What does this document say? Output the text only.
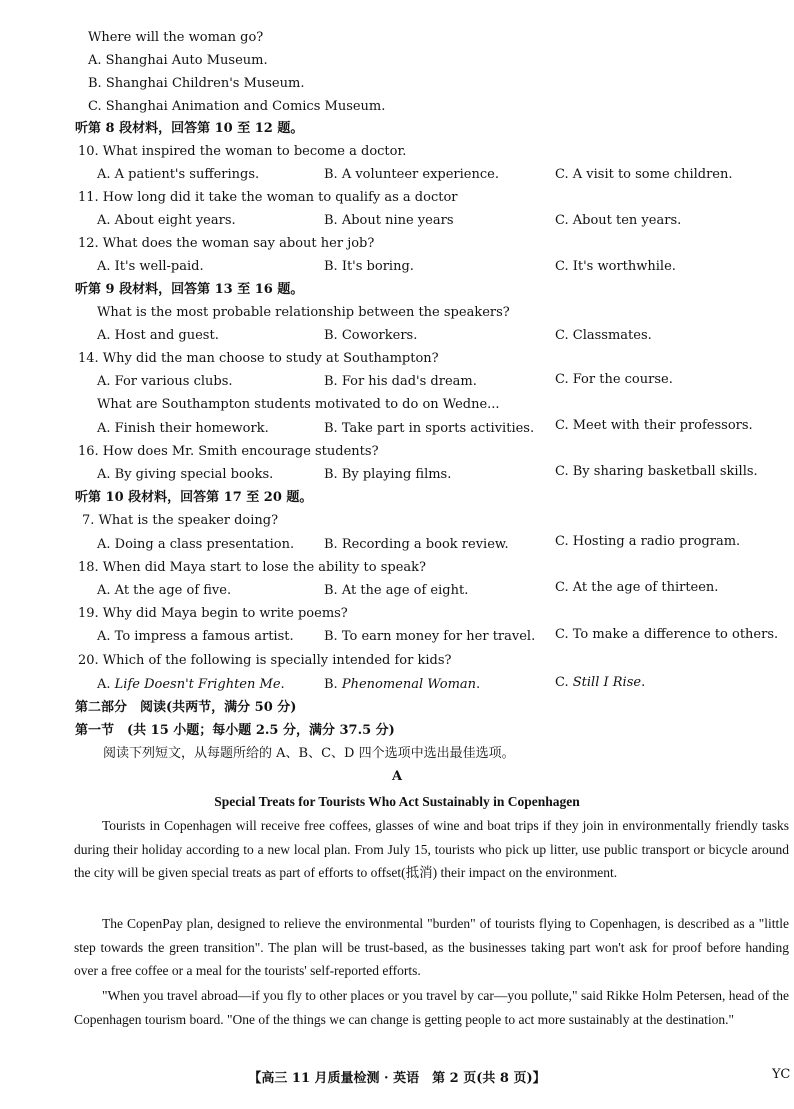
Where will the woman go?
A. Shanghai Auto Museum.
B. Shanghai Children's Museum.
C. Shanghai Animation and Comics Museum.
听第 8 段材料，回答第 10 至 12 题。
10. What inspired the woman to become a doctor.
A. A patient's sufferings.	B. A volunteer experience.	C. A visit to some children.
11. How long did it take the woman to qualify as a doctor
A. About eight years.	B. About nine years	C. About ten years.
12. What does the woman say about her job?
A. It's well-paid.	B. It's boring.	C. It's worthwhile.
听第 9 段材料，回答第 13 至 16 题。
What is the most probable relationship between the speakers?
A. Host and guest.	B. Coworkers.	C. Classmates.
14. Why did the man choose to study at Southampton?
A. For various clubs.	B. For his dad's dream.	C. For the course.
What are Southampton students motivated to do on Wedne...
A. Finish their homework.	B. Take part in sports activities. C. Meet with their professors.
16. How does Mr. Smith encourage students?
A. By giving special books.	B. By playing films.	C. By sharing basketball skills.
听第 10 段材料，回答第 17 至 20 题。
7. What is the speaker doing?
A. Doing a class presentation. B. Recording a book review.	C. Hosting a radio program.
18. When did Maya start to lose the ability to speak?
A. At the age of five.	B. At the age of eight.	C. At the age of thirteen.
19. Why did Maya begin to write poems?
A. To impress a famous artist. B. To earn money for her travel. C. To make a difference to others.
20. Which of the following is specially intended for kids?
A. Life Doesn't Frighten Me.	B. Phenomenal Woman.	C. Still I Rise.
第二部分　阅读(共两节，满分 50 分)
第一节　(共 15 小题；每小题 2.5 分，满分 37.5 分)
阅读下列短文，从每题所给的 A、B、C、D 四个选项中选出最佳选项。
A
Special Treats for Tourists Who Act Sustainably in Copenhagen
Tourists in Copenhagen will receive free coffees, glasses of wine and boat trips if they join in environmentally friendly tasks during their holiday according to a new local plan. From July 15, tourists who pick up litter, use public transport or bicycle around the city will be given special treats as part of efforts to offset(抵消) their impact on the environment.
The CopenPay plan, designed to relieve the environmental "burden" of tourists flying to Copenhagen, is described as a "little step towards the green transition". The plan will be trust-based, as the businesses taking part won't ask for proof before handing over a free coffee or a meal for the tourists' self-reported efforts.
"When you travel abroad—if you fly to other places or you travel by car—you pollute," said Rikke Holm Petersen, head of the Copenhagen tourism board. "One of the things we can change is getting people to act more sustainably at the destination."
【高三 11 月质量检测 · 英语　第 2 页(共 8 页)】	YC
